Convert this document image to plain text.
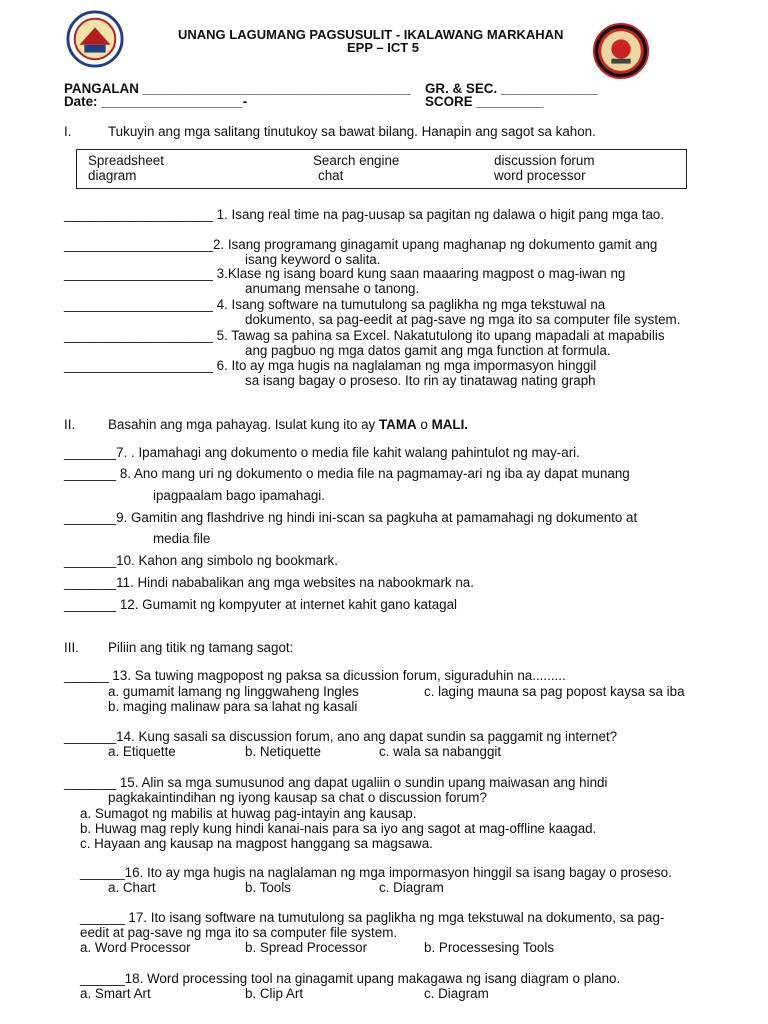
UNANG LAGUMANG PAGSUSULIT - IKALAWANG MARKAHAN
EPP – ICT 5
PANGALAN ____________________________________ GR. & SEC. _____________
Date: ___________________-	SCORE _________
I.	Tukuyin ang mga salitang tinutukoy sa bawat bilang. Hanapin ang sagot sa kahon.
Spreadsheet	Search engine	discussion forum
diagram	chat	word processor
____________________ 1. Isang real time na pag-uusap sa pagitan ng dalawa o higit pang mga tao.
____________________2. Isang programang ginagamit upang maghanap ng dokumento gamit ang
isang keyword o salita.
____________________ 3.Klase ng isang board kung saan maaaring magpost o mag-iwan ng
anumang mensahe o tanong.
____________________ 4. Isang software na tumutulong sa paglikha ng mga tekstuwal na
dokumento, sa pag-eedit at pag-save ng mga ito sa computer file system.
____________________ 5. Tawag sa pahina sa Excel. Nakatutulong ito upang mapadali at mapabilis
ang pagbuo ng mga datos gamit ang mga function at formula.
____________________ 6. Ito ay mga hugis na naglalaman ng mga impormasyon hinggil
sa isang bagay o proseso. Ito rin ay tinatawag nating graph
II. Basahin ang mga pahayag. Isulat kung ito ay TAMA o MALI.
_______7. . Ipamahagi ang dokumento o media file kahit walang pahintulot ng may-ari.
_______ 8. Ano mang uri ng dokumento o media file na pagmamay-ari ng iba ay dapat munang
ipagpaalam bago ipamahagi.
_______9. Gamitin ang flashdrive ng hindi ini-scan sa pagkuha at pamamahagi ng dokumento at
media file
_______10. Kahon ang simbolo ng bookmark.
_______11. Hindi nababalikan ang mga websites na nabookmark na.
_______ 12. Gumamit ng kompyuter at internet kahit gano katagal
III. Piliin ang titik ng tamang sagot:
______ 13. Sa tuwing magpopost ng paksa sa dicussion forum, siguraduhin na.........
a. gumamit lamang ng linggwaheng Ingles	c. laging mauna sa pag popost kaysa sa iba
b. maging malinaw para sa lahat ng kasali
_______14. Kung sasali sa discussion forum, ano ang dapat sundin sa paggamit ng internet?
a. Etiquette	b. Netiquette	c. wala sa nabanggit
_______ 15. Alin sa mga sumusunod ang dapat ugaliin o sundin upang maiwasan ang hindi
pagkakaintindihan ng iyong kausap sa chat o discussion forum?
a. Sumagot ng mabilis at huwag pag-intayin ang kausap.
b. Huwag mag reply kung hindi kanai-nais para sa iyo ang sagot at mag-offline kaagad.
c. Hayaan ang kausap na magpost hanggang sa magsawa.
______16. Ito ay mga hugis na naglalaman ng mga impormasyon hinggil sa isang bagay o proseso.
a. Chart	b. Tools	c. Diagram
______ 17. Ito isang software na tumutulong sa paglikha ng mga tekstuwal na dokumento, sa pag-
eedit at pag-save ng mga ito sa computer file system.
a. Word Processor	b. Spread Processor	b. Processesing Tools
______18. Word processing tool na ginagamit upang makagawa ng isang diagram o plano.
a. Smart Art	b. Clip Art	c. Diagram
